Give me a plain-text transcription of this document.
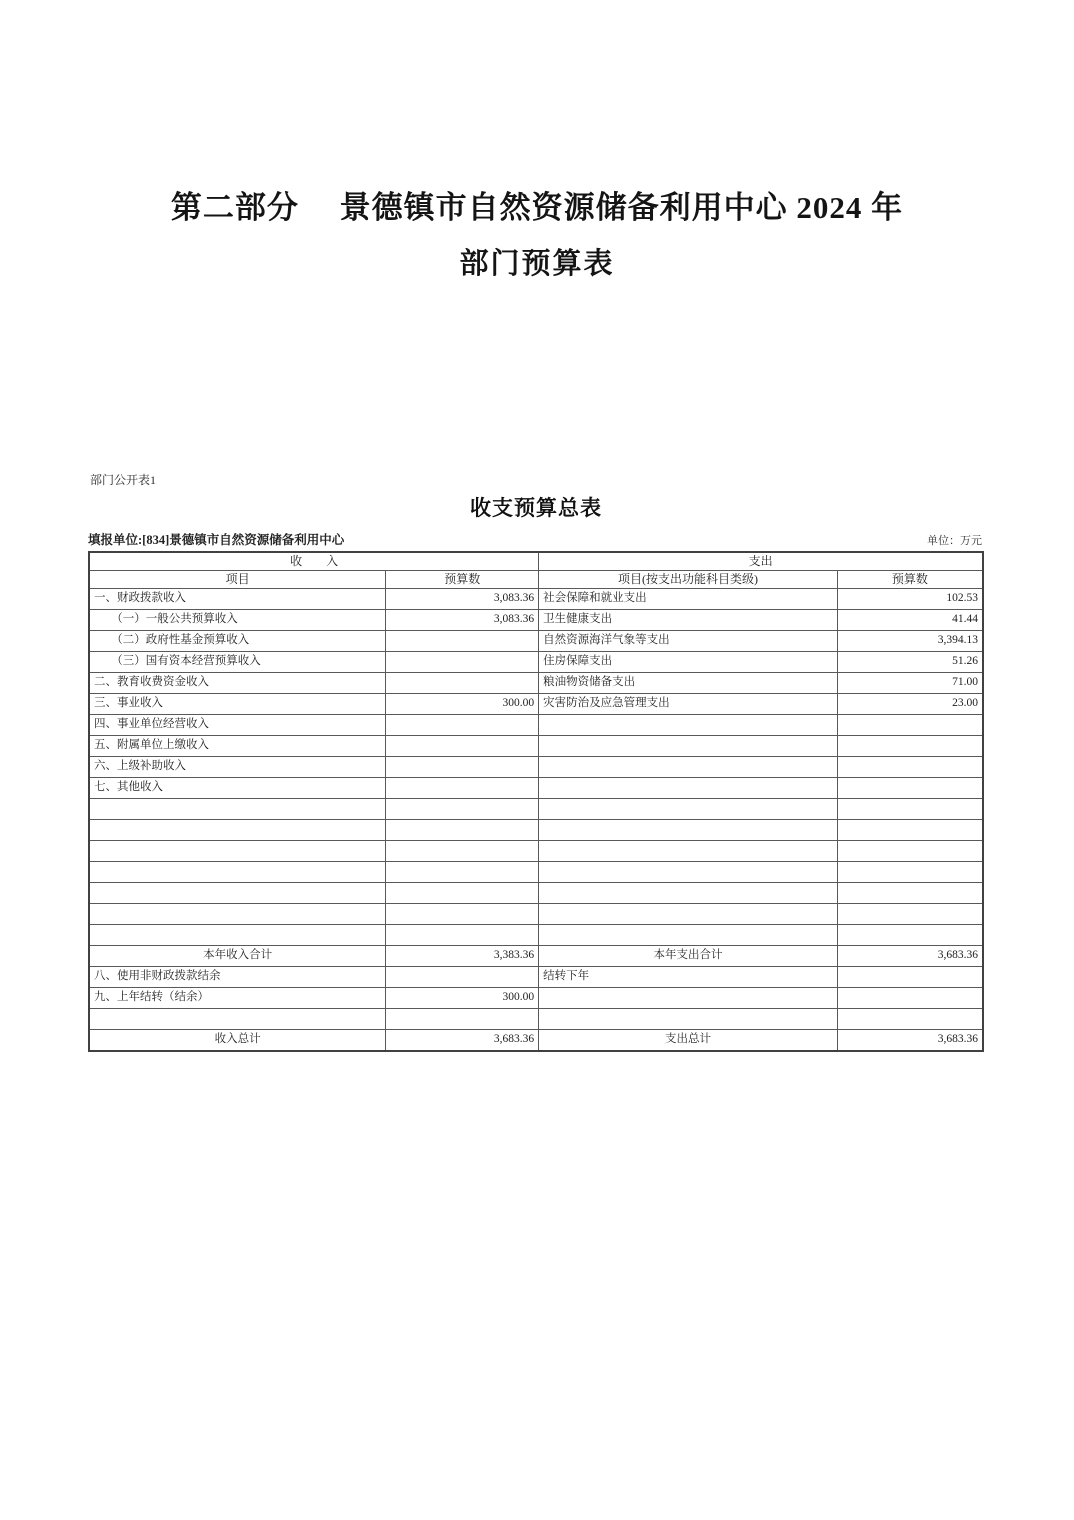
第二部分　 景德镇市自然资源储备利用中心 2024 年
部门预算表
部门公开表1
收支预算总表
填报单位:[834]景德镇市自然资源储备利用中心	单位：万元
收　　入		支出	
项目	预算数	项目(按支出功能科目类级)	预算数
一、财政拨款收入	3,083.36	社会保障和就业支出	102.53
　　（一）一般公共预算收入	3,083.36	卫生健康支出	41.44
　　（二）政府性基金预算收入		自然资源海洋气象等支出	3,394.13
　　（三）国有资本经营预算收入		住房保障支出	51.26
二、教育收费资金收入		粮油物资储备支出	71.00
三、事业收入	300.00	灾害防治及应急管理支出	23.00
四、事业单位经营收入			
五、附属单位上缴收入			
六、上级补助收入			
七、其他收入			

本年收入合计	3,383.36	本年支出合计	3,683.36
八、使用非财政拨款结余		结转下年	
九、上年结转（结余）	300.00		

收入总计	3,683.36	支出总计	3,683.36
